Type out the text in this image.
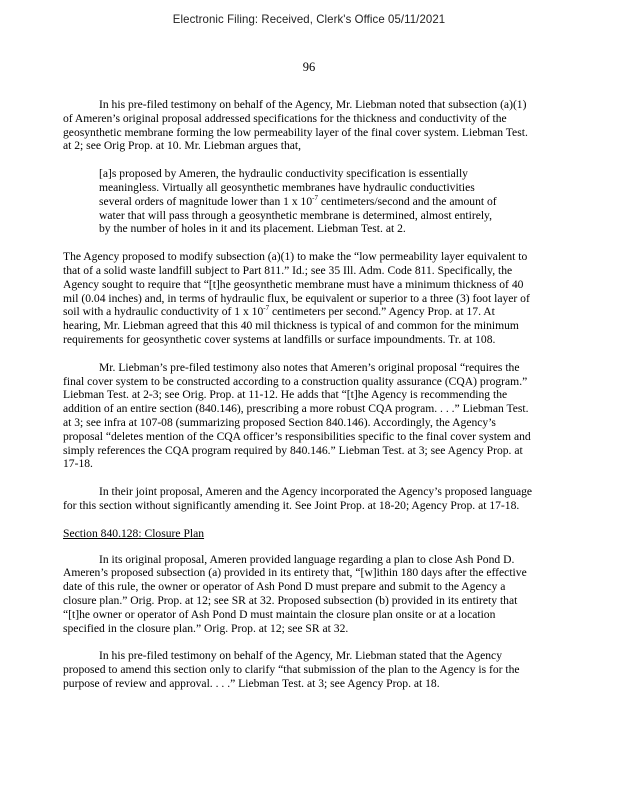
Electronic Filing: Received, Clerk's Office 05/11/2021
96

In his pre-filed testimony on behalf of the Agency, Mr. Liebman noted that subsection (a)(1) of Ameren’s original proposal addressed specifications for the thickness and conductivity of the geosynthetic membrane forming the low permeability layer of the final cover system. Liebman Test. at 2; see Orig Prop. at 10. Mr. Liebman argues that,

[a]s proposed by Ameren, the hydraulic conductivity specification is essentially meaningless. Virtually all geosynthetic membranes have hydraulic conductivities several orders of magnitude lower than 1 x $10^{-7}$ centimeters/second and the amount of water that will pass through a geosynthetic membrane is determined, almost entirely, by the number of holes in it and its placement. Liebman Test. at 2.

The Agency proposed to modify subsection (a)(1) to make the “low permeability layer equivalent to that of a solid waste landfill subject to Part 811.” Id.; see 35 Ill. Adm. Code 811. Specifically, the Agency sought to require that “[t]he geosynthetic membrane must have a minimum thickness of 40 mil (0.04 inches) and, in terms of hydraulic flux, be equivalent or superior to a three (3) foot layer of soil with a hydraulic conductivity of 1 x $10^{-7}$ centimeters per second.” Agency Prop. at 17. At hearing, Mr. Liebman agreed that this 40 mil thickness is typical of and common for the minimum requirements for geosynthetic cover systems at landfills or surface impoundments. Tr. at 108.

Mr. Liebman’s pre-filed testimony also notes that Ameren’s original proposal “requires the final cover system to be constructed according to a construction quality assurance (CQA) program.” Liebman Test. at 2-3; see Orig. Prop. at 11-12. He adds that “[t]he Agency is recommending the addition of an entire section (840.146), prescribing a more robust CQA program. . . .” Liebman Test. at 3; see infra at 107-08 (summarizing proposed Section 840.146). Accordingly, the Agency’s proposal “deletes mention of the CQA officer’s responsibilities specific to the final cover system and simply references the CQA program required by 840.146.” Liebman Test. at 3; see Agency Prop. at 17-18.

In their joint proposal, Ameren and the Agency incorporated the Agency’s proposed language for this section without significantly amending it. See Joint Prop. at 18-20; Agency Prop. at 17-18.

Section 840.128: Closure Plan

In its original proposal, Ameren provided language regarding a plan to close Ash Pond D. Ameren’s proposed subsection (a) provided in its entirety that, “[w]ithin 180 days after the effective date of this rule, the owner or operator of Ash Pond D must prepare and submit to the Agency a closure plan.” Orig. Prop. at 12; see SR at 32. Proposed subsection (b) provided in its entirety that “[t]he owner or operator of Ash Pond D must maintain the closure plan onsite or at a location specified in the closure plan.” Orig. Prop. at 12; see SR at 32.

In his pre-filed testimony on behalf of the Agency, Mr. Liebman stated that the Agency proposed to amend this section only to clarify “that submission of the plan to the Agency is for the purpose of review and approval. . . .” Liebman Test. at 3; see Agency Prop. at 18.
